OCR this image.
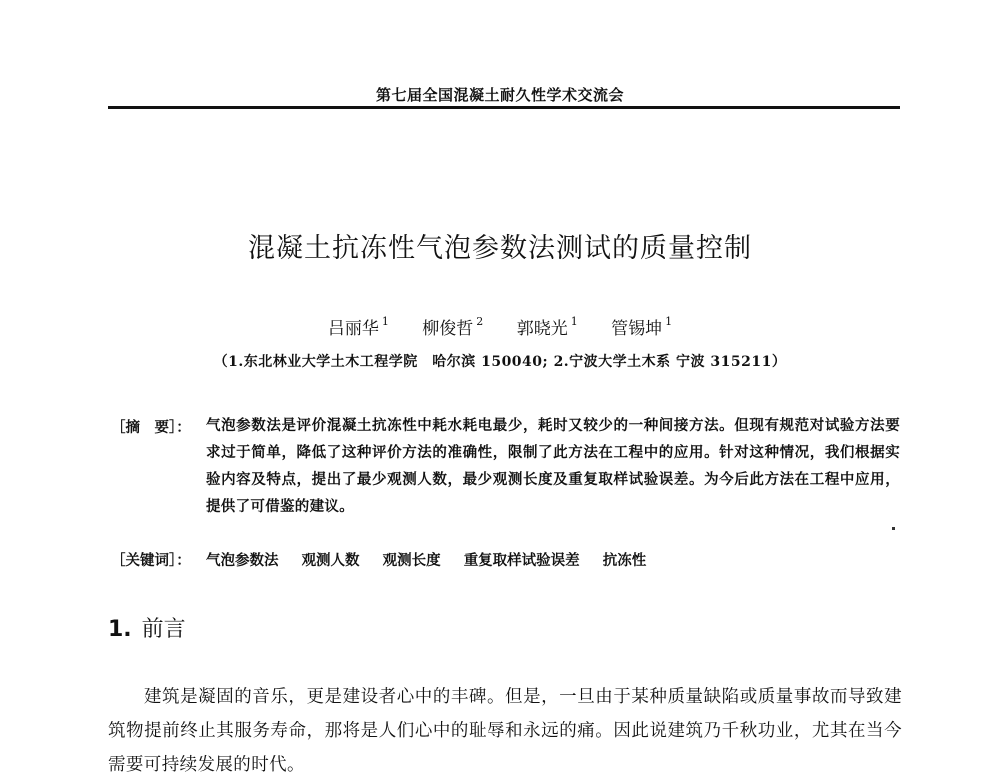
第七届全国混凝土耐久性学术交流会
混凝土抗冻性气泡参数法测试的质量控制
吕丽华 $^1$ 柳俊哲 $^2$ 郭晓光 $^1$ 管锡坤 $^1$
（1.东北林业大学土木工程学院　哈尔滨 150040; 2.宁波大学土木系 宁波 315211）
［摘　要］： 气泡参数法是评价混凝土抗冻性中耗水耗电最少，耗时又较少的一种间接方法。但现有规范对试验方法要求过于简单，降低了这种评价方法的准确性，限制了此方法在工程中的应用。针对这种情况，我们根据实验内容及特点，提出了最少观测人数，最少观测长度及重复取样试验误差。为今后此方法在工程中应用，提供了可借鉴的建议。
［关键词］： 气泡参数法 观测人数 观测长度 重复取样试验误差 抗冻性
1. 前言
建筑是凝固的音乐，更是建设者心中的丰碑。但是，一旦由于某种质量缺陷或质量事故而导致建筑物提前终止其服务寿命，那将是人们心中的耻辱和永远的痛。因此说建筑乃千秋功业，尤其在当今需要可持续发展的时代。
